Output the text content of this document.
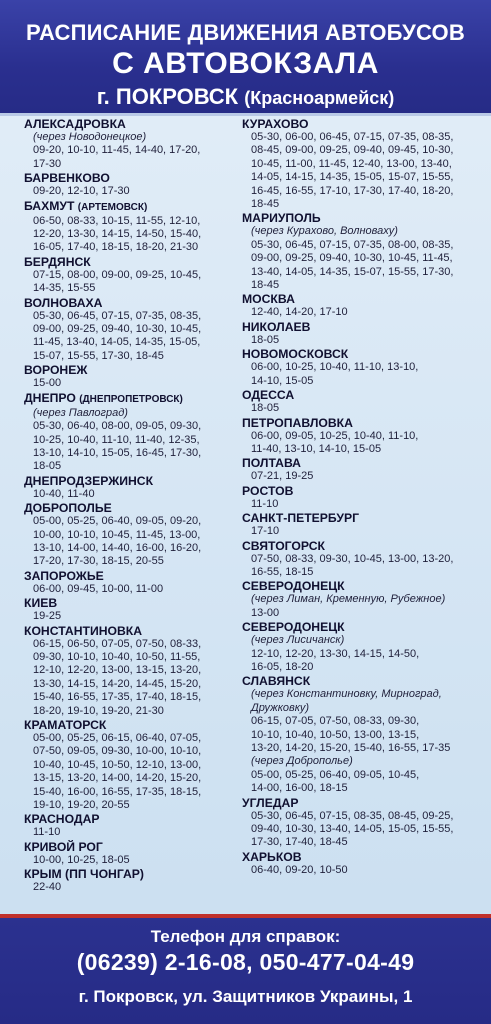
РАСПИСАНИЕ ДВИЖЕНИЯ АВТОБУСОВ
С АВТОВОКЗАЛА
г. ПОКРОВСК (Красноармейск)
АЛЕКСАДРОВКА
(через Новодонецкое)
09-20, 10-10, 11-45, 14-40, 17-20,
17-30
БАРВЕНКОВО
09-20, 12-10, 17-30
БАХМУТ (АРТЕМОВСК)
06-50, 08-33, 10-15, 11-55, 12-10,
12-20, 13-30, 14-15, 14-50, 15-40,
16-05, 17-40, 18-15, 18-20, 21-30
БЕРДЯНСК
07-15, 08-00, 09-00, 09-25, 10-45,
14-35, 15-55
ВОЛНОВАХА
05-30, 06-45, 07-15, 07-35, 08-35,
09-00, 09-25, 09-40, 10-30, 10-45,
11-45, 13-40, 14-05, 14-35, 15-05,
15-07, 15-55, 17-30, 18-45
ВОРОНЕЖ
15-00
ДНЕПРО (ДНЕПРОПЕТРОВСК)
(через Павлоград)
05-30, 06-40, 08-00, 09-05, 09-30,
10-25, 10-40, 11-10, 11-40, 12-35,
13-10, 14-10, 15-05, 16-45, 17-30,
18-05
ДНЕПРОДЗЕРЖИНСК
10-40, 11-40
ДОБРОПОЛЬЕ
05-00, 05-25, 06-40, 09-05, 09-20,
10-00, 10-10, 10-45, 11-45, 13-00,
13-10, 14-00, 14-40, 16-00, 16-20,
17-20, 17-30, 18-15, 20-55
ЗАПОРОЖЬЕ
06-00, 09-45, 10-00, 11-00
КИЕВ
19-25
КОНСТАНТИНОВКА
06-15, 06-50, 07-05, 07-50, 08-33,
09-30, 10-10, 10-40, 10-50, 11-55,
12-10, 12-20, 13-00, 13-15, 13-20,
13-30, 14-15, 14-20, 14-45, 15-20,
15-40, 16-55, 17-35, 17-40, 18-15,
18-20, 19-10, 19-20, 21-30
КРАМАТОРСК
05-00, 05-25, 06-15, 06-40, 07-05,
07-50, 09-05, 09-30, 10-00, 10-10,
10-40, 10-45, 10-50, 12-10, 13-00,
13-15, 13-20, 14-00, 14-20, 15-20,
15-40, 16-00, 16-55, 17-35, 18-15,
19-10, 19-20, 20-55
КРАСНОДАР
11-10
КРИВОЙ РОГ
10-00, 10-25, 18-05
КРЫМ (ПП ЧОНГАР)
22-40
КУРАХОВО
05-30, 06-00, 06-45, 07-15, 07-35, 08-35,
08-45, 09-00, 09-25, 09-40, 09-45, 10-30,
10-45, 11-00, 11-45, 12-40, 13-00, 13-40,
14-05, 14-15, 14-35, 15-05, 15-07, 15-55,
16-45, 16-55, 17-10, 17-30, 17-40, 18-20,
18-45
МАРИУПОЛЬ
(через Курахово, Волноваху)
05-30, 06-45, 07-15, 07-35, 08-00, 08-35,
09-00, 09-25, 09-40, 10-30, 10-45, 11-45,
13-40, 14-05, 14-35, 15-07, 15-55, 17-30,
18-45
МОСКВА
12-40, 14-20, 17-10
НИКОЛАЕВ
18-05
НОВОМОСКОВСК
06-00, 10-25, 10-40, 11-10, 13-10,
14-10, 15-05
ОДЕССА
18-05
ПЕТРОПАВЛОВКА
06-00, 09-05, 10-25, 10-40, 11-10,
11-40, 13-10, 14-10, 15-05
ПОЛТАВА
07-21, 19-25
РОСТОВ
11-10
САНКТ-ПЕТЕРБУРГ
17-10
СВЯТОГОРСК
07-50, 08-33, 09-30, 10-45, 13-00, 13-20,
16-55, 18-15
СЕВЕРОДОНЕЦК
(через Лиман, Кременную, Рубежное)
13-00
СЕВЕРОДОНЕЦК
(через Лисичанск)
12-10, 12-20, 13-30, 14-15, 14-50,
16-05, 18-20
СЛАВЯНСК
(через Константиновку, Мирноград,
Дружковку)
06-15, 07-05, 07-50, 08-33, 09-30,
10-10, 10-40, 10-50, 13-00, 13-15,
13-20, 14-20, 15-20, 15-40, 16-55, 17-35
(через Доброполье)
05-00, 05-25, 06-40, 09-05, 10-45,
14-00, 16-00, 18-15
УГЛЕДАР
05-30, 06-45, 07-15, 08-35, 08-45, 09-25,
09-40, 10-30, 13-40, 14-05, 15-05, 15-55,
17-30, 17-40, 18-45
ХАРЬКОВ
06-40, 09-20, 10-50
Телефон для справок:
(06239) 2-16-08, 050-477-04-49
г. Покровск, ул. Защитников Украины, 1
